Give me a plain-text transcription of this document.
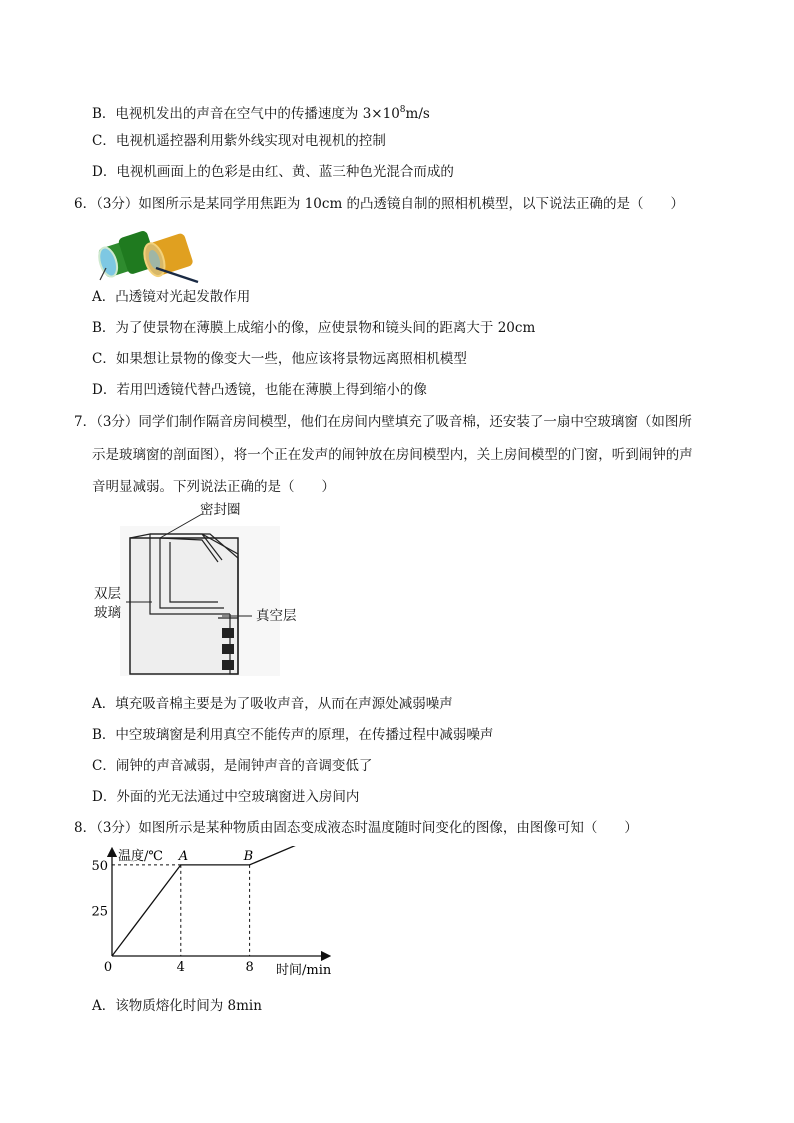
B．电视机发出的声音在空气中的传播速度为 $3\times 10^8m/s$
C．电视机遥控器利用紫外线实现对电视机的控制
D．电视机画面上的色彩是由红、黄、蓝三种色光混合而成的
6．（3分）如图所示是某同学用焦距为 10cm 的凸透镜自制的照相机模型，以下说法正确的是（　　）
A．凸透镜对光起发散作用
B．为了使景物在薄膜上成缩小的像，应使景物和镜头间的距离大于 20cm
C．如果想让景物的像变大一些，他应该将景物远离照相机模型
D．若用凹透镜代替凸透镜，也能在薄膜上得到缩小的像
7．（3分）同学们制作隔音房间模型，他们在房间内壁填充了吸音棉，还安装了一扇中空玻璃窗（如图所
示是玻璃窗的剖面图），将一个正在发声的闹钟放在房间模型内，关上房间模型的门窗，听到闹钟的声
音明显减弱。下列说法正确的是（　　）
密封圈
双层
玻璃	真空层
A．填充吸音棉主要是为了吸收声音，从而在声源处减弱噪声
B．中空玻璃窗是利用真空不能传声的原理，在传播过程中减弱噪声
C．闹钟的声音减弱，是闹钟声音的音调变低了
D．外面的光无法通过中空玻璃窗进入房间内
8．（3分）如图所示是某种物质由固态变成液态时温度随时间变化的图像，由图像可知（　　）
0	4	8
25
50
温度/℃
时间/min
A	B
A．该物质熔化时间为 8min
